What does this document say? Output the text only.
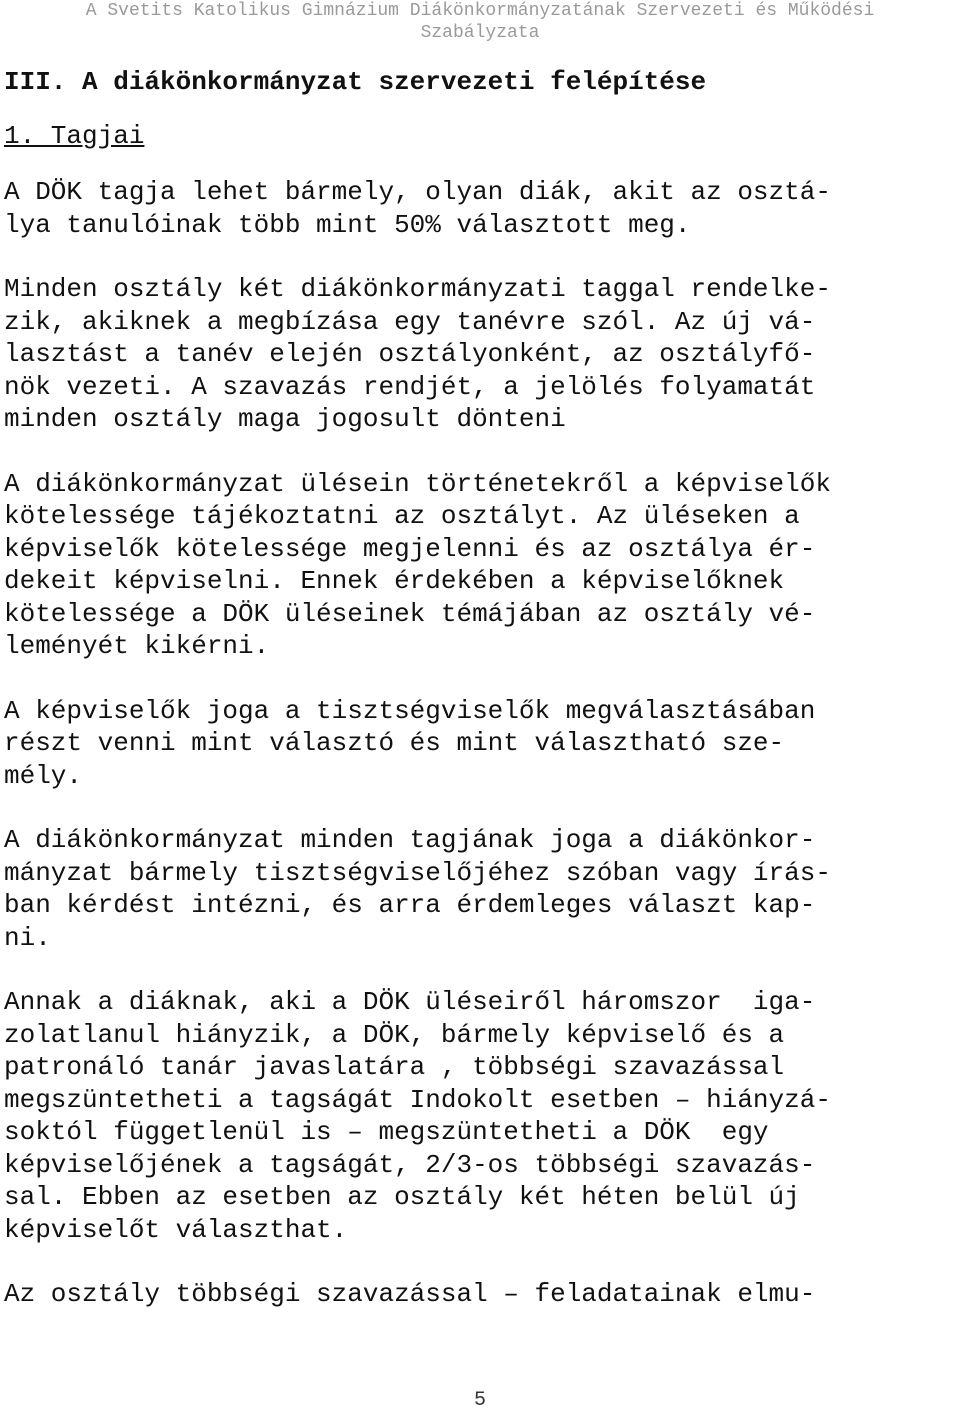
A Svetits Katolikus Gimnázium Diákönkormányzatának Szervezeti és Működési
Szabályzata
III. A diákönkormányzat szervezeti felépítése
1. Tagjai
A DÖK tagja lehet bármely, olyan diák, akit az osztá-
lya tanulóinak több mint 50% választott meg.
Minden osztály két diákönkormányzati taggal rendelke-
zik, akiknek a megbízása egy tanévre szól. Az új vá-
lasztást a tanév elején osztályonként, az osztályfő-
nök vezeti. A szavazás rendjét, a jelölés folyamatát
minden osztály maga jogosult dönteni
A diákönkormányzat ülésein történetekről a képviselők
kötelessége tájékoztatni az osztályt. Az üléseken a
képviselők kötelessége megjelenni és az osztálya ér-
dekeit képviselni. Ennek érdekében a képviselőknek
kötelessége a DÖK üléseinek témájában az osztály vé-
leményét kikérni.
A képviselők joga a tisztségviselők megválasztásában
részt venni mint választó és mint választható sze-
mély.
A diákönkormányzat minden tagjának joga a diákönkor-
mányzat bármely tisztségviselőjéhez szóban vagy írás-
ban kérdést intézni, és arra érdemleges választ kap-
ni.
Annak a diáknak, aki a DÖK üléseiről háromszor  iga-
zolatlanul hiányzik, a DÖK, bármely képviselő és a
patronáló tanár javaslatára , többségi szavazással
megszüntetheti a tagságát Indokolt esetben – hiányzá-
soktól függetlenül is – megszüntetheti a DÖK  egy
képviselőjének a tagságát, 2/3-os többségi szavazás-
sal. Ebben az esetben az osztály két héten belül új
képviselőt választhat.
Az osztály többségi szavazással – feladatainak elmu-
5
